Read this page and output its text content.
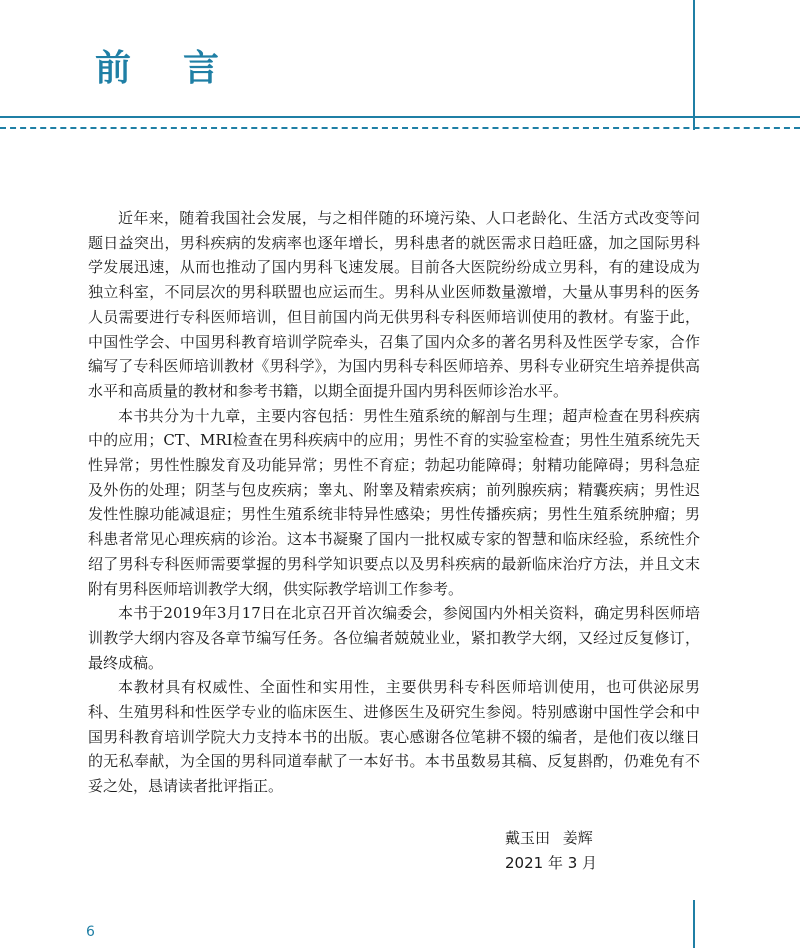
前言

近年来，随着我国社会发展，与之相伴随的环境污染、人口老龄化、生活方式改变等问题日益突出，男科疾病的发病率也逐年增长，男科患者的就医需求日趋旺盛，加之国际男科学发展迅速，从而也推动了国内男科飞速发展。目前各大医院纷纷成立男科，有的建设成为独立科室，不同层次的男科联盟也应运而生。男科从业医师数量激增，大量从事男科的医务人员需要进行专科医师培训，但目前国内尚无供男科专科医师培训使用的教材。有鉴于此，中国性学会、中国男科教育培训学院牵头，召集了国内众多的著名男科及性医学专家，合作编写了专科医师培训教材《男科学》，为国内男科专科医师培养、男科专业研究生培养提供高水平和高质量的教材和参考书籍，以期全面提升国内男科医师诊治水平。

本书共分为十九章，主要内容包括：男性生殖系统的解剖与生理；超声检查在男科疾病中的应用；CT、MRI检查在男科疾病中的应用；男性不育的实验室检查；男性生殖系统先天性异常；男性性腺发育及功能异常；男性不育症；勃起功能障碍；射精功能障碍；男科急症及外伤的处理；阴茎与包皮疾病；睾丸、附睾及精索疾病；前列腺疾病；精囊疾病；男性迟发性性腺功能减退症；男性生殖系统非特异性感染；男性传播疾病；男性生殖系统肿瘤；男科患者常见心理疾病的诊治。这本书凝聚了国内一批权威专家的智慧和临床经验，系统性介绍了男科专科医师需要掌握的男科学知识要点以及男科疾病的最新临床治疗方法，并且文末附有男科医师培训教学大纲，供实际教学培训工作参考。

本书于2019年3月17日在北京召开首次编委会，参阅国内外相关资料，确定男科医师培训教学大纲内容及各章节编写任务。各位编者兢兢业业，紧扣教学大纲，又经过反复修订，最终成稿。

本教材具有权威性、全面性和实用性，主要供男科专科医师培训使用，也可供泌尿男科、生殖男科和性医学专业的临床医生、进修医生及研究生参阅。特别感谢中国性学会和中国男科教育培训学院大力支持本书的出版。衷心感谢各位笔耕不辍的编者，是他们夜以继日的无私奉献，为全国的男科同道奉献了一本好书。本书虽数易其稿、反复斟酌，仍难免有不妥之处，恳请读者批评指正。

戴玉田 姜辉
2021 年 3 月
6
